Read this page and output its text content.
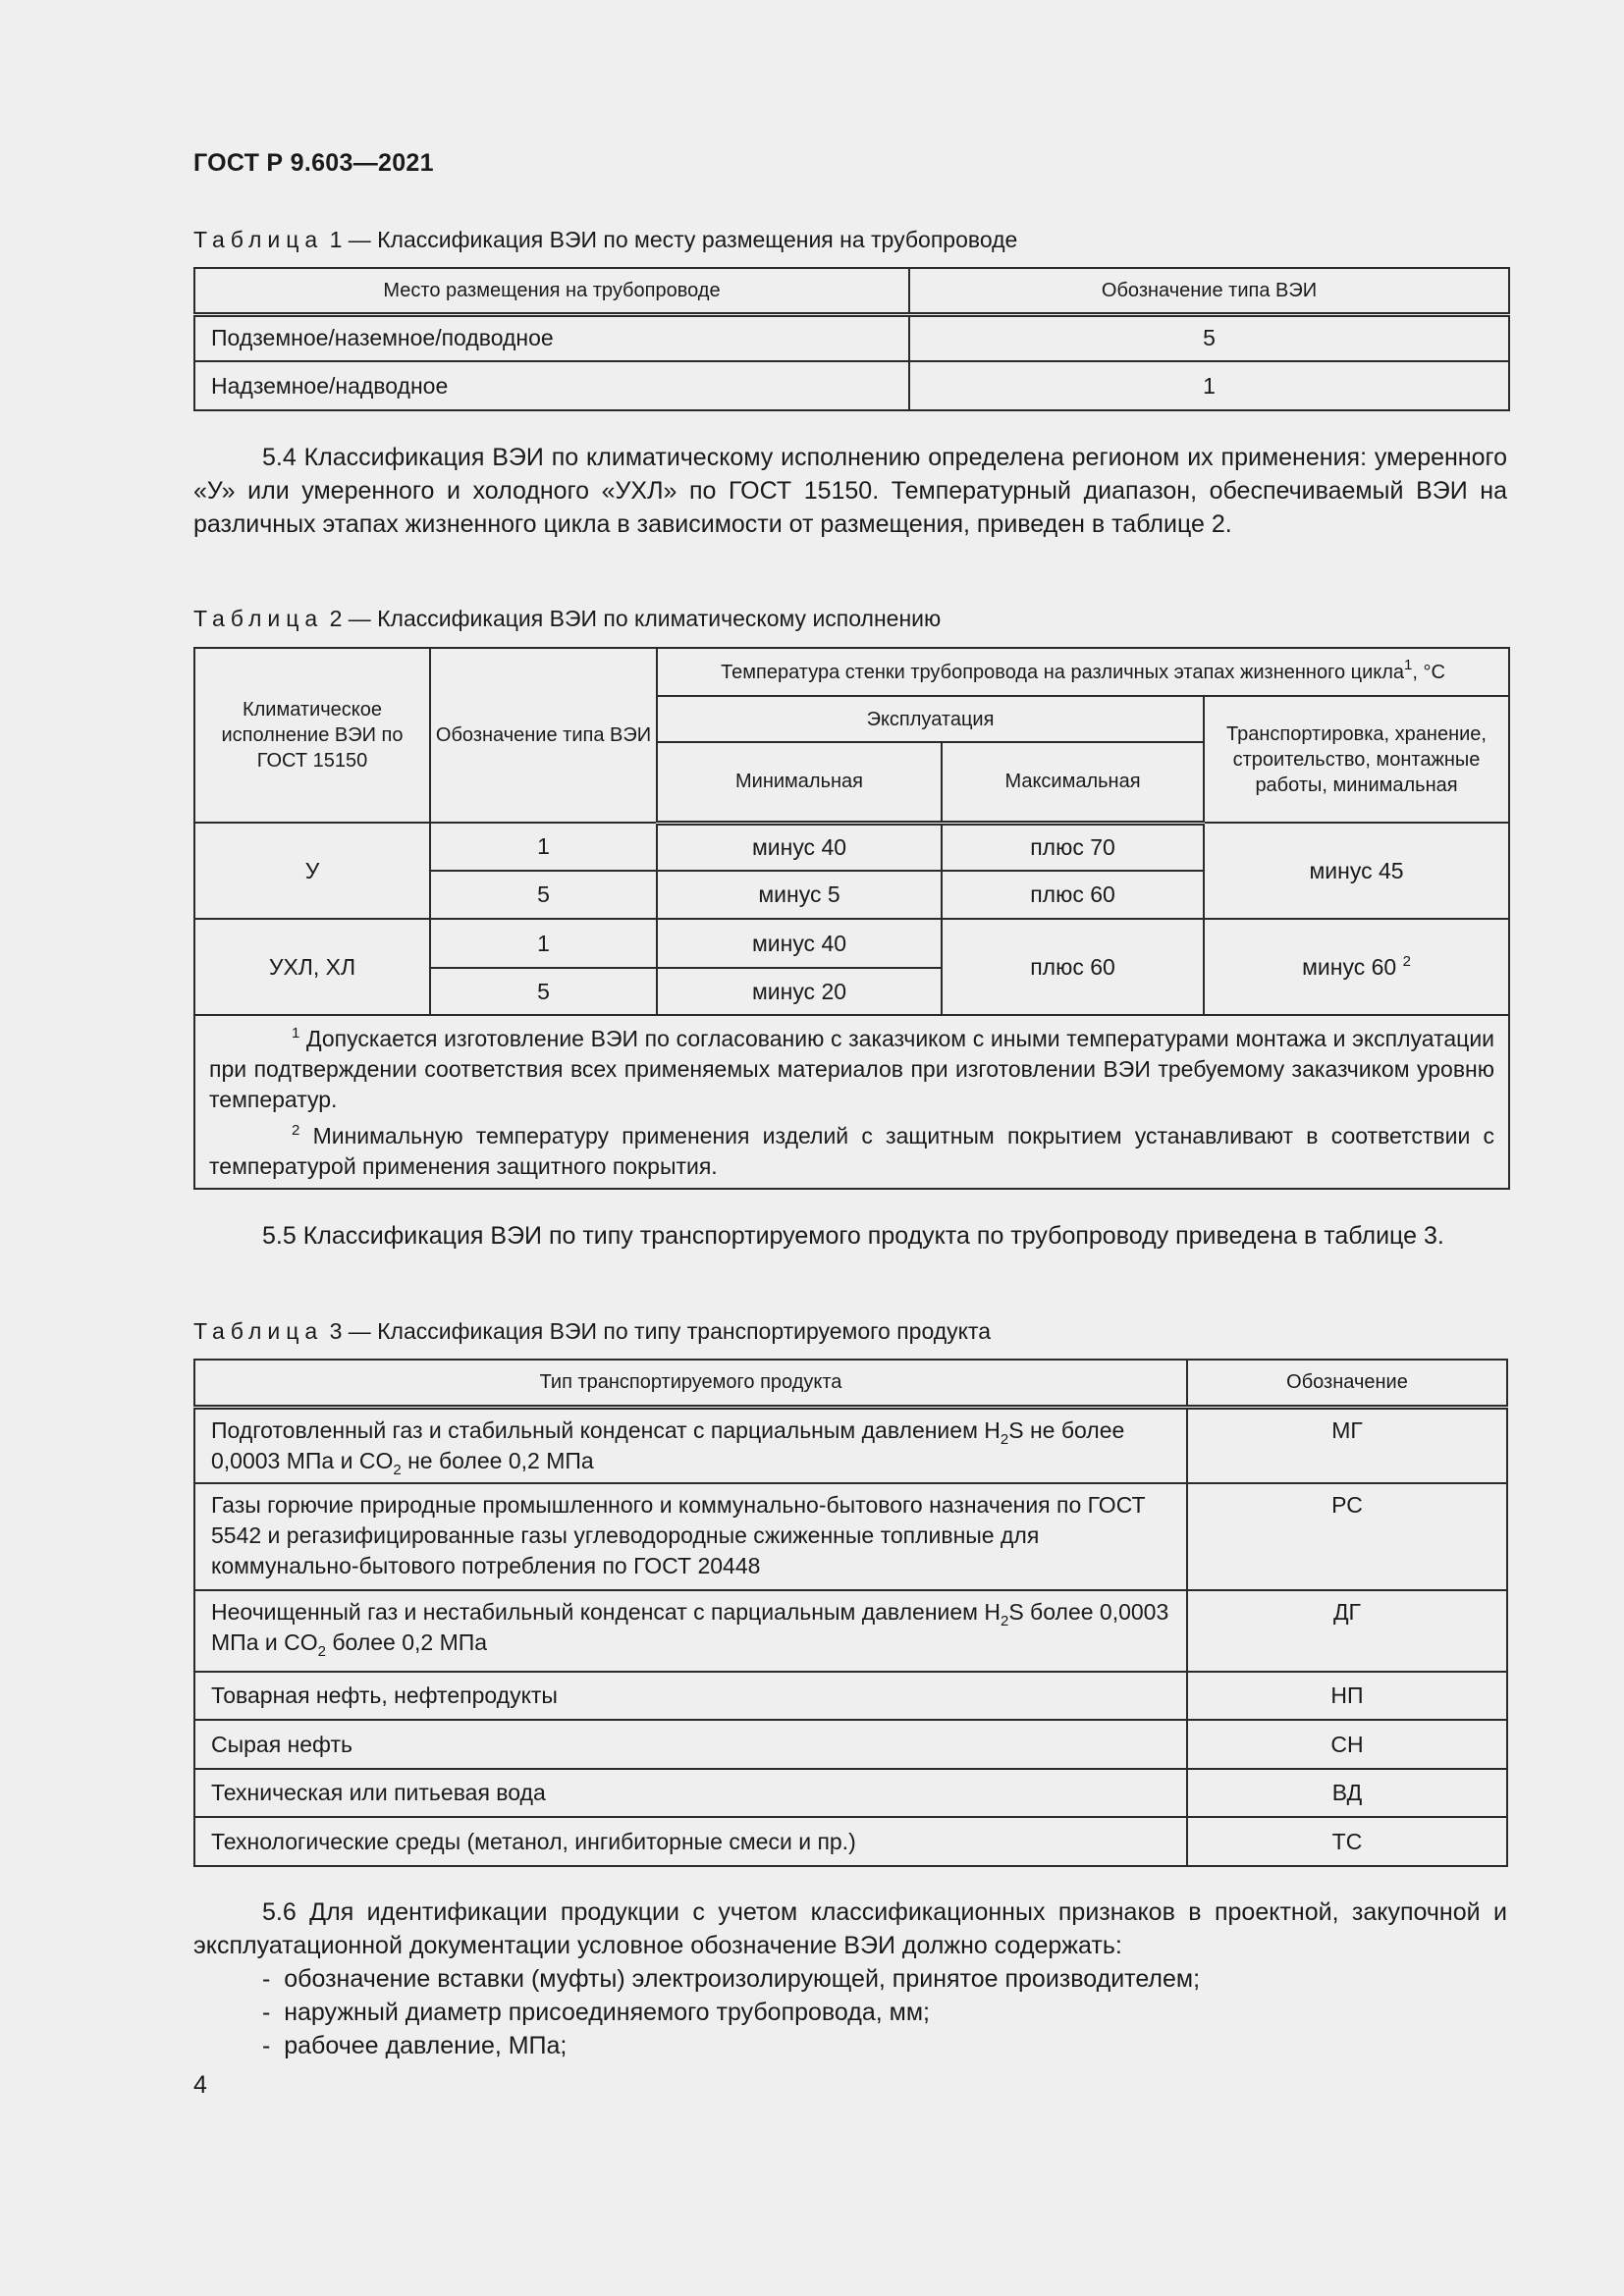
ГОСТ Р 9.603—2021
Таблица 1 — Классификация ВЭИ по месту размещения на трубопроводе
Место размещения на трубопроводе	Обозначение типа ВЭИ
Подземное/наземное/подводное	5
Надземное/надводное	1
5.4 Классификация ВЭИ по климатическому исполнению определена регионом их применения: умеренного «У» или умеренного и холодного «УХЛ» по ГОСТ 15150. Температурный диапазон, обеспечиваемый ВЭИ на различных этапах жизненного цикла в зависимости от размещения, приведен в таблице 2.
Таблица 2 — Классификация ВЭИ по климатическому исполнению
Климатическое исполнение ВЭИ по ГОСТ 15150	Обозначение типа ВЭИ	Температура стенки трубопровода на различных этапах жизненного цикла$^1$, °C		
		Эксплуатация		Транспортировка, хранение, строительство, монтажные работы, минимальная
		Минимальная	Максимальная	
У	1	минус 40	плюс 70	минус 45
	5	минус 5	плюс 60	
УХЛ, ХЛ	1	минус 40	плюс 60	минус 60 $^2$
	5	минус 20		

$^1$ Допускается изготовление ВЭИ по согласованию с заказчиком с иными температурами монтажа и эксплуатации при подтверждении соответствия всех применяемых материалов при изготовлении ВЭИ требуемому заказчиком уровню температур.

$^2$ Минимальную температуру применения изделий с защитным покрытием устанавливают в соответствии с температурой применения защитного покрытия.				

5.5 Классификация ВЭИ по типу транспортируемого продукта по трубопроводу приведена в таблице 3.
Таблица 3 — Классификация ВЭИ по типу транспортируемого продукта
Тип транспортируемого продукта	Обозначение
Подготовленный газ и стабильный конденсат с парциальным давлением $H_2S$ не более 0,0003 МПа и $CO_2$ не более 0,2 МПа	МГ
Газы горючие природные промышленного и коммунально-бытового назначения по ГОСТ 5542 и регазифицированные газы углеводородные сжиженные топливные для коммунально-бытового потребления по ГОСТ 20448	РС
Неочищенный газ и нестабильный конденсат с парциальным давлением $H_2S$ более 0,0003 МПа и $CO_2$ более 0,2 МПа	ДГ
Товарная нефть, нефтепродукты	НП
Сырая нефть	СН
Техническая или питьевая вода	ВД
Технологические среды (метанол, ингибиторные смеси и пр.)	ТС
5.6 Для идентификации продукции с учетом классификационных признаков в проектной, закупочной и эксплуатационной документации условное обозначение ВЭИ должно содержать:
- обозначение вставки (муфты) электроизолирующей, принятое производителем;
- наружный диаметр присоединяемого трубопровода, мм;
- рабочее давление, МПа;
4
